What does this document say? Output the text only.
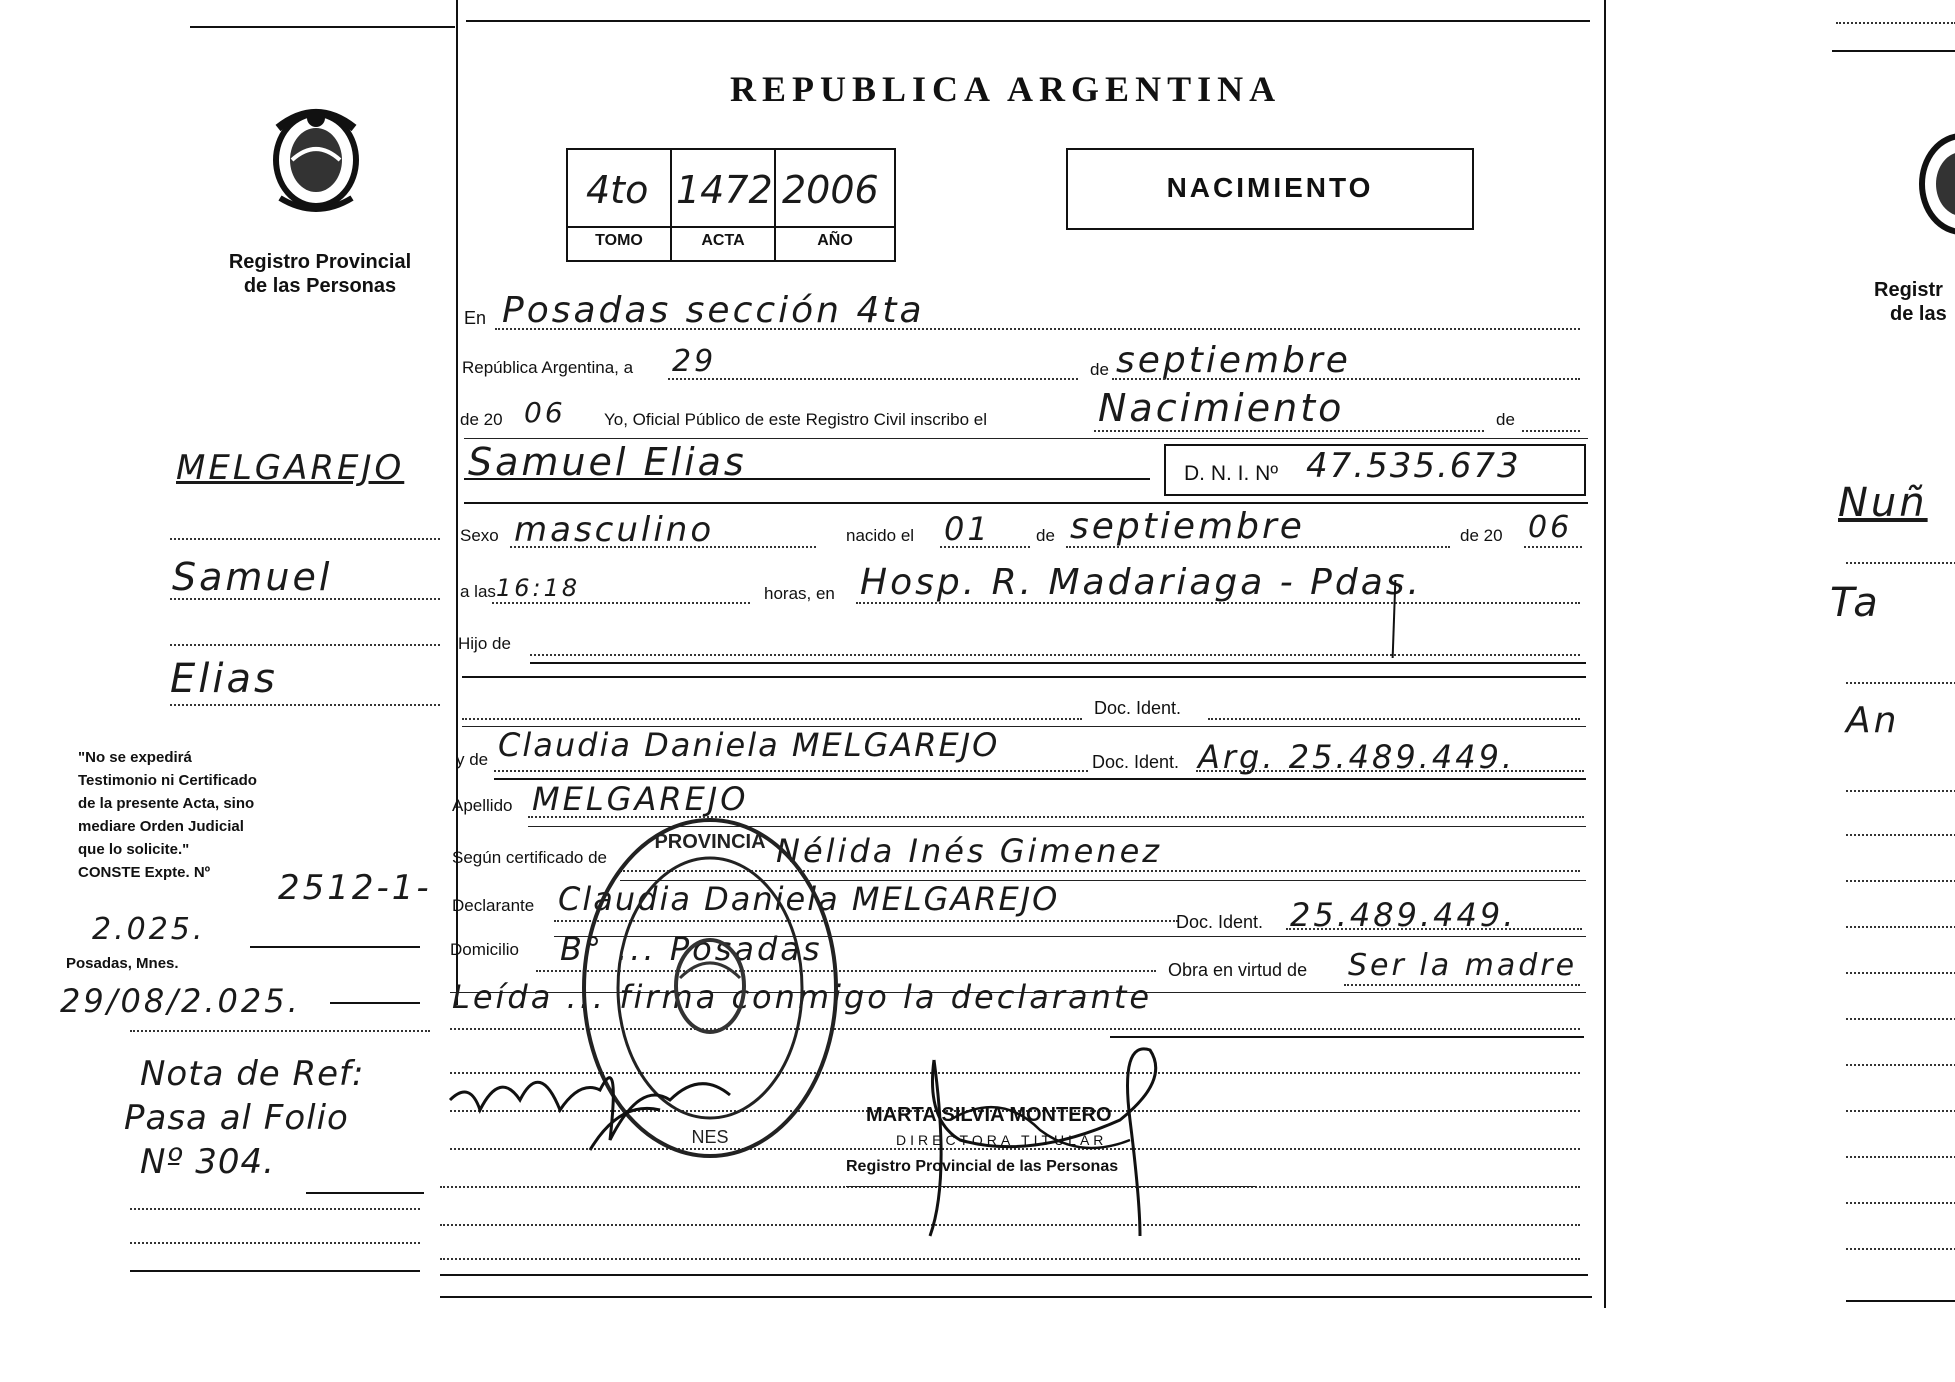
Registro Provincial
de las Personas
MELGAREJO
Samuel
Elias
"No se expedirá
Testimonio ni Certificado
de la presente Acta, sino
mediare Orden Judicial
que lo solicite."
CONSTE Expte. Nº	2512-1-
2.025.
Posadas, Mnes.
29/08/2.025.
Nota de Ref:
Pasa al Folio
Nº 304.
REPUBLICA ARGENTINA
4to 1472 2006
TOMO	ACTA	AÑO
NACIMIENTO
En Posadas sección 4ta
República Argentina, a 29	de septiembre
de 20 06 Yo, Oficial Público de este Registro Civil inscribo el	Nacimiento	de
Samuel Elias	D. N. I. Nº 47.535.673
Sexo masculino	nacido el 01	de septiembre	de 20 06
a las 16:18	horas, en Hosp. R. Madariaga - Pdas.
Hijo de
Doc. Ident.
y de Claudia Daniela MELGAREJO	Doc. Ident. Arg. 25.489.449.
Apellido MELGAREJO
Según certificado de	Nélida Inés Gimenez
Declarante Claudia Daniela MELGAREJO
Doc. Ident. 25.489.449.
Domicilio B° ... Posadas
Obra en virtud de Ser la madre
Leída ... firma conmigo la declarante
PROVINCIA
NES
MARTA SILVIA MONTERO
DIRECTORA TITULAR
Registro Provincial de las Personas
Registr
de las
Nuñ
Ta
An
